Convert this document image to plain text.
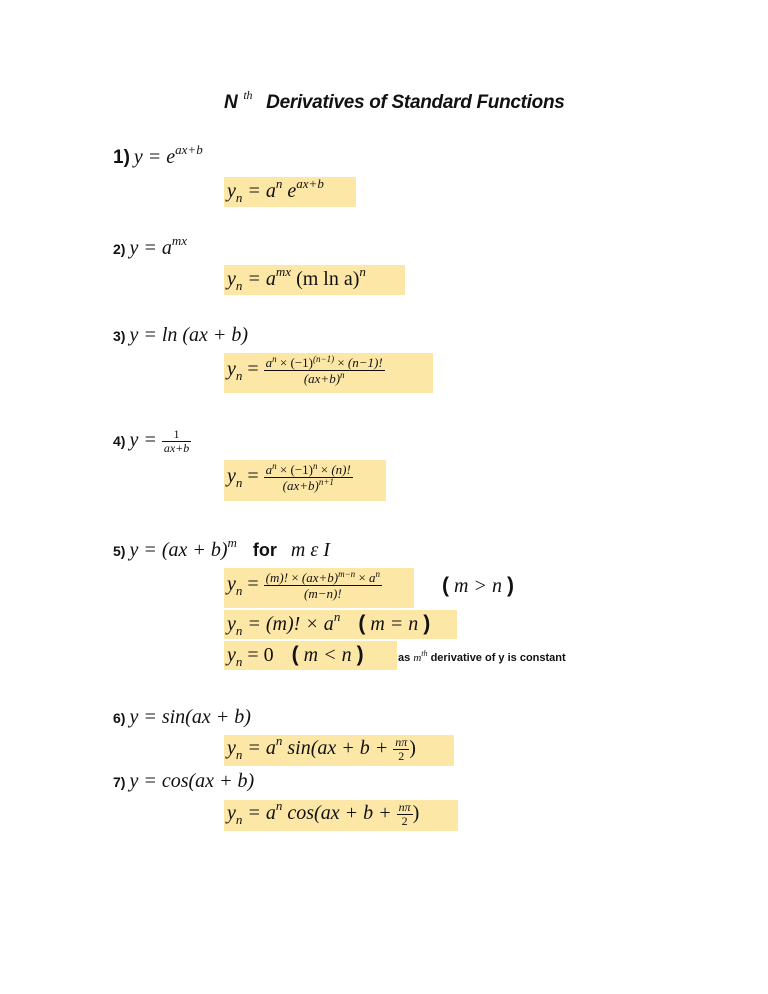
N $^{th}$ Derivatives of Standard Functions
1) $y = e^{ax+b}$
$y_n = a^n$ $e^{ax+b}$
2) $y = a^{mx}$
$y_n = a^{mx}$ (m ln a)$^n$
3) y = ln (ax + b)
$y_n = \frac{a^n \times (-1)^{(n-1)} \times (n-1)!}{(ax+b)^n}$
4) $y = \frac{1}{ax+b}$
$y_n = \frac{a^n \times (-1)^n \times (n)!}{(ax+b)^{n+1}}$
5) y = (ax + b)$^m$ for m ε I
$y_n = \frac{(m)! \times (ax+b)^{m-n} \times a^n}{(m-n)!}$	( m > n )
$y_n = (m)$! × $a^n$ ( m = n )
$y_n = 0$ ( m < n )	as $m^{th}$ derivative of y is constant
6) y = sin(ax + b)
$y_n = a^n$ $\sin(ax + b + \frac{n\pi}{2}$ )
7) y = cos(ax + b)
$y_n = a^n$ $\cos(ax + b + \frac{n\pi}{2}$ )
